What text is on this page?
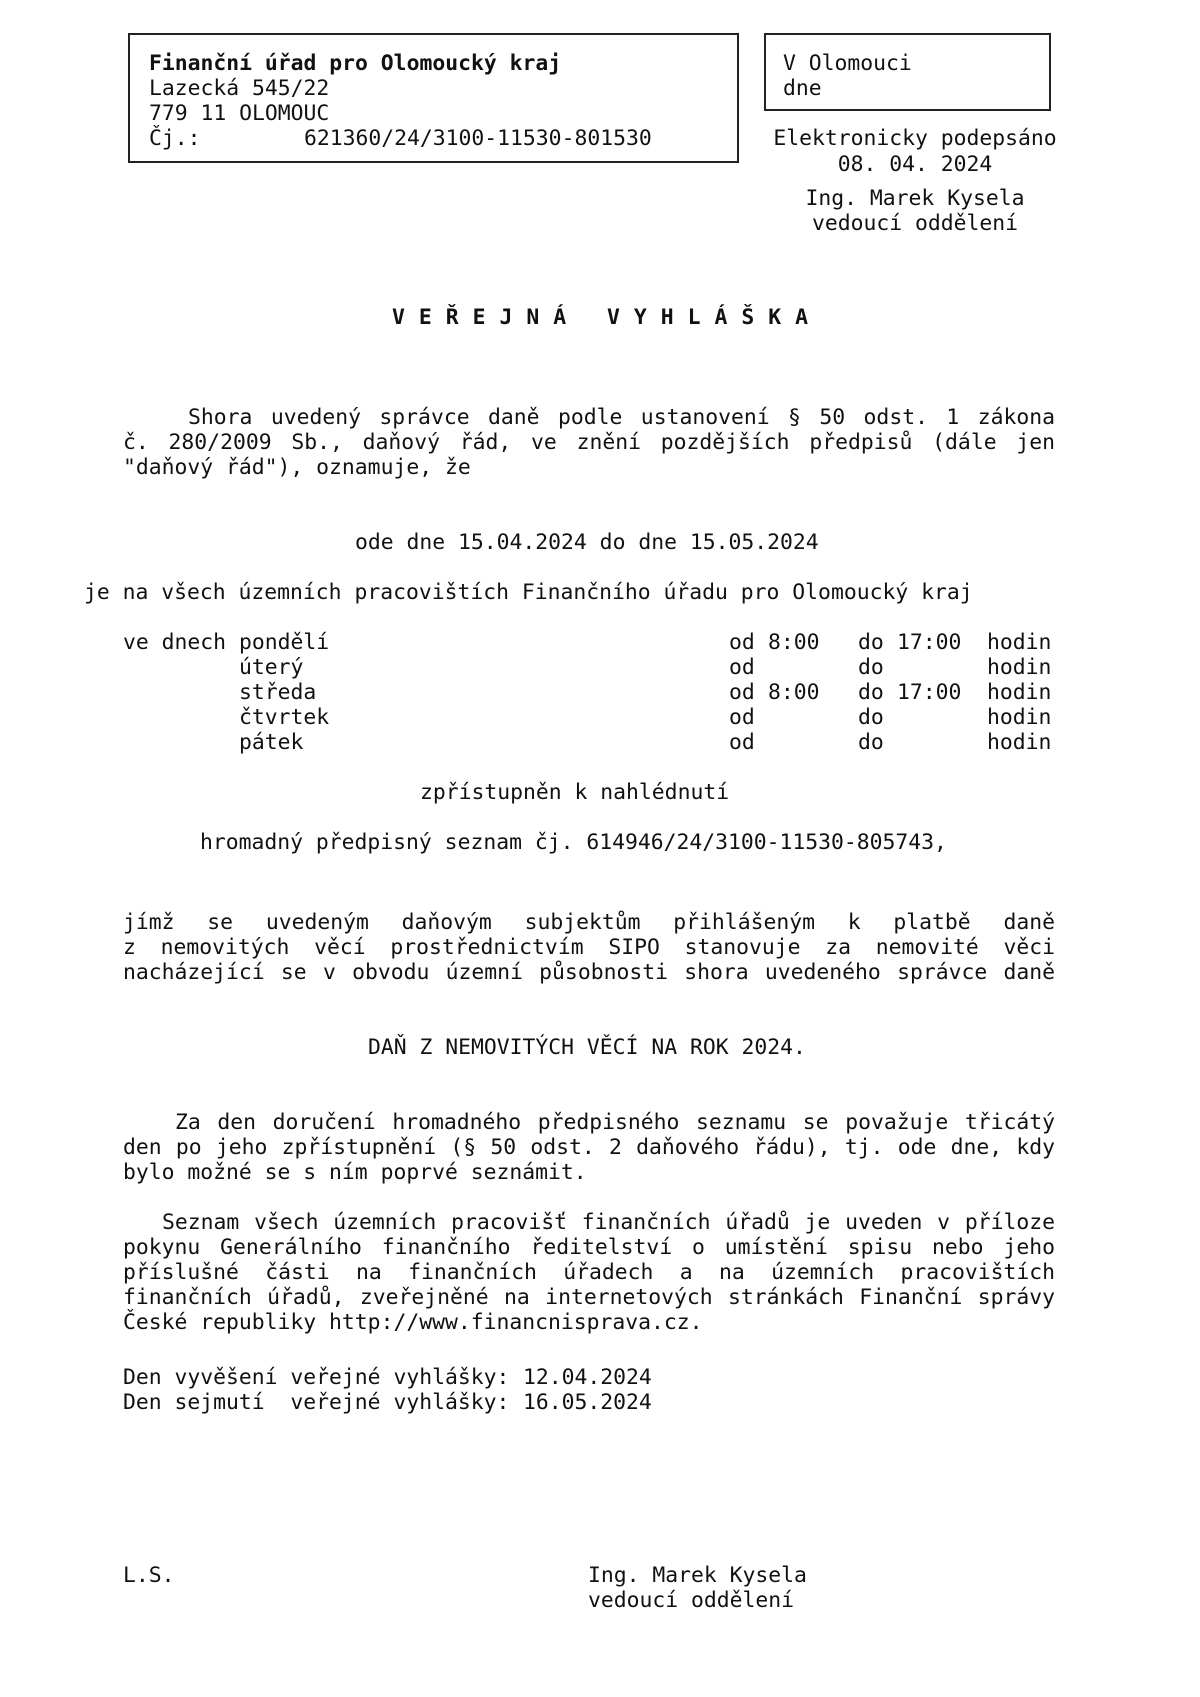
Finanční úřad pro Olomoucký kraj
Lazecká 545/22
779 11 OLOMOUC
Čj.:	621360/24/3100-11530-801530
V Olomouci
dne
Elektronicky podepsáno
08. 04. 2024
Ing. Marek Kysela
vedoucí oddělení
VEŘEJNÁ VYHLÁŠKA
Shora uvedený správce daně podle ustanovení § 50 odst. 1 zákona
č. 280/2009 Sb., daňový řád, ve znění pozdějších předpisů (dále jen
"daňový řád"), oznamuje, že
ode dne 15.04.2024 do dne 15.05.2024
je na všech územních pracovištích Finančního úřadu pro Olomoucký kraj
ve dnech pondělí	od 8:00 do 17:00 hodin
úterý	od	do	hodin
středa	od 8:00 do 17:00 hodin
čtvrtek	od	do	hodin
pátek	od	do	hodin
zpřístupněn k nahlédnutí
hromadný předpisný seznam čj. 614946/24/3100-11530-805743,
jímž se uvedeným daňovým subjektům přihlášeným k platbě daně
z nemovitých věcí prostřednictvím SIPO stanovuje za nemovité věci
nacházející se v obvodu územní působnosti shora uvedeného správce daně
DAŇ Z NEMOVITÝCH VĚCÍ NA ROK 2024.
Za den doručení hromadného předpisného seznamu se považuje třicátý
den po jeho zpřístupnění (§ 50 odst. 2 daňového řádu), tj. ode dne, kdy
bylo možné se s ním poprvé seznámit.
Seznam všech územních pracovišť finančních úřadů je uveden v příloze
pokynu Generálního finančního ředitelství o umístění spisu nebo jeho
příslušné části na finančních úřadech a na územních pracovištích
finančních úřadů, zveřejněné na internetových stránkách Finanční správy
České republiky http://www.financnisprava.cz.
Den vyvěšení veřejné vyhlášky: 12.04.2024
Den sejmutí  veřejné vyhlášky: 16.05.2024
L.S.	Ing. Marek Kysela
vedoucí oddělení
